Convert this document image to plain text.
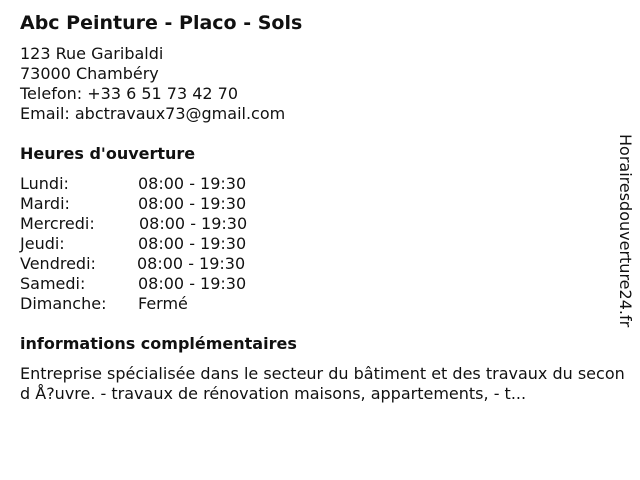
Abc Peinture - Placo - Sols
123 Rue Garibaldi
73000 Chambéry
Telefon: +33 6 51 73 42 70
Email: abctravaux73@gmail.com
Heures d'ouverture
Lundi:	08:00 - 19:30
Mardi:	08:00 - 19:30
Mercredi:	08:00 - 19:30
Jeudi:	08:00 - 19:30
Vendredi:	08:00 - 19:30
Samedi:	08:00 - 19:30
Dimanche: Fermé
informations complémentaires
Entreprise spécialisée dans le secteur du bâtiment et des travaux du second Å?uvre. - travaux de rénovation maisons, appartements, - t...
Horairesdouverture24.fr
